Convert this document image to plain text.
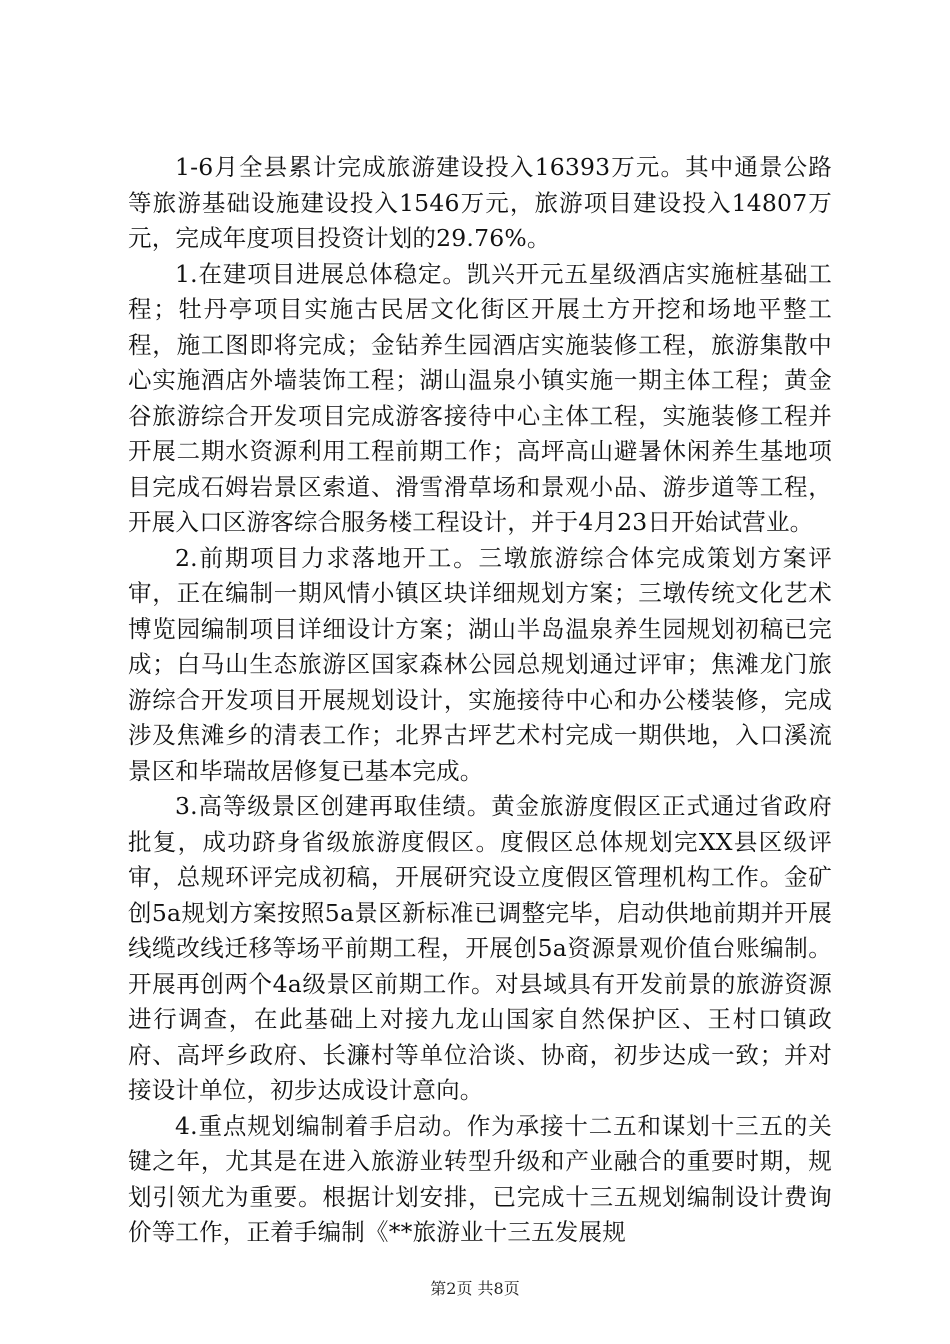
1-6月全县累计完成旅游建设投入16393万元。其中通景公路等旅游基础设施建设投入1546万元，旅游项目建设投入14807万元，完成年度项目投资计划的29.76%。

1.在建项目进展总体稳定。凯兴开元五星级酒店实施桩基础工程；牡丹亭项目实施古民居文化街区开展土方开挖和场地平整工程，施工图即将完成；金钻养生园酒店实施装修工程，旅游集散中心实施酒店外墙装饰工程；湖山温泉小镇实施一期主体工程；黄金谷旅游综合开发项目完成游客接待中心主体工程，实施装修工程并开展二期水资源利用工程前期工作；高坪高山避暑休闲养生基地项目完成石姆岩景区索道、滑雪滑草场和景观小品、游步道等工程，开展入口区游客综合服务楼工程设计，并于4月23日开始试营业。

2.前期项目力求落地开工。三墩旅游综合体完成策划方案评审，正在编制一期风情小镇区块详细规划方案；三墩传统文化艺术博览园编制项目详细设计方案；湖山半岛温泉养生园规划初稿已完成；白马山生态旅游区国家森林公园总规划通过评审；焦滩龙门旅游综合开发项目开展规划设计，实施接待中心和办公楼装修，完成涉及焦滩乡的清表工作；北界古坪艺术村完成一期供地，入口溪流景区和毕瑞故居修复已基本完成。

3.高等级景区创建再取佳绩。黄金旅游度假区正式通过省政府批复，成功跻身省级旅游度假区。度假区总体规划完XX县区级评审，总规环评完成初稿，开展研究设立度假区管理机构工作。金矿创5a规划方案按照5a景区新标准已调整完毕，启动供地前期并开展线缆改线迁移等场平前期工程，开展创5a资源景观价值台账编制。开展再创两个4a级景区前期工作。对县域具有开发前景的旅游资源进行调查，在此基础上对接九龙山国家自然保护区、王村口镇政府、高坪乡政府、长濂村等单位洽谈、协商，初步达成一致；并对接设计单位，初步达成设计意向。

4.重点规划编制着手启动。作为承接十二五和谋划十三五的关键之年，尤其是在进入旅游业转型升级和产业融合的重要时期，规划引领尤为重要。根据计划安排，已完成十三五规划编制设计费询价等工作，正着手编制《**旅游业十三五发展规

第2页 共8页
